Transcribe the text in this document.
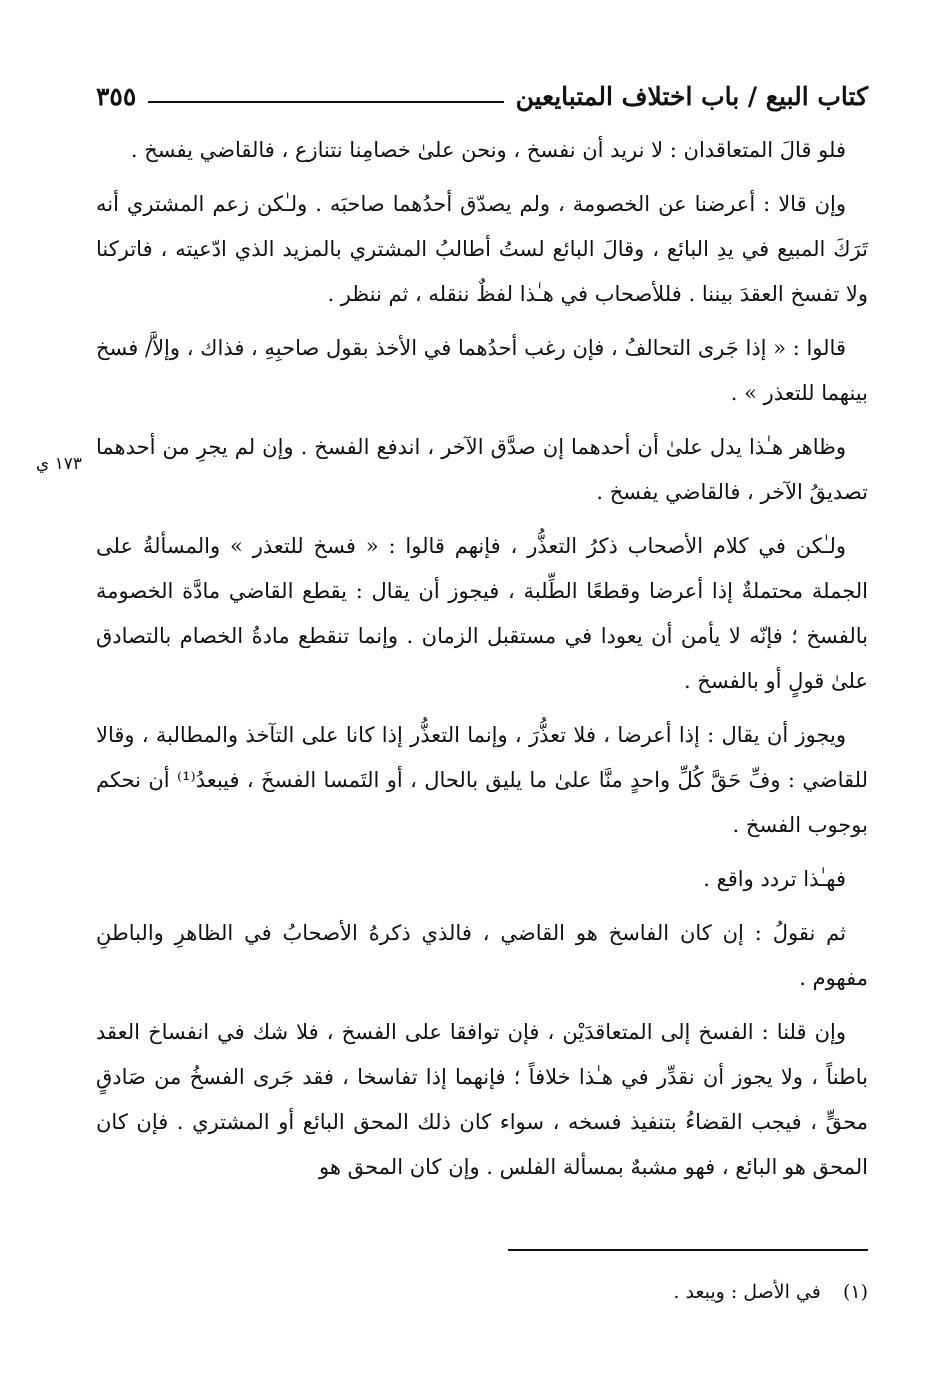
كتاب البيع / باب اختلاف المتبايعين
٣٥٥

فلو قالَ المتعاقدان : لا نريد أن نفسخ ، ونحن علىٰ خصامِنا نتنازع ، فالقاضي يفسخ .

وإن قالا : أعرضنا عن الخصومة ، ولم يصدّق أحدُهما صاحبَه . ولـٰكن زعم المشتري أنه تَرَكَ المبيع في يدِ البائع ، وقالَ البائع لستُ أطالبُ المشتري بالمزيد الذي ادّعيته ، فاتركنا ولا تفسخ العقدَ بيننا . فللأصحاب في هـٰذا لفظٌ ننقله ، ثم ننظر .

قالوا : « إذا جَرى التحالفُ ، فإن رغب أحدُهما في الأخذ بقول صاحبِهِ ، فذاك ، وإلاَّ/ فسخ بينهما للتعذر » .

وظاهر هـٰذا يدل علىٰ أن أحدهما إن صدَّق الآخر ، اندفع الفسخ . وإن لم يجرِ من أحدهما تصديقُ الآخر ، فالقاضي يفسخ .

ولـٰكن في كلام الأصحاب ذكرُ التعذُّر ، فإنهم قالوا : « فسخ للتعذر » والمسألةُ على الجملة محتملةٌ إذا أعرضا وقطعًا الطِّلبة ، فيجوز أن يقال : يقطع القاضي مادَّة الخصومة بالفسخ ؛ فإنّه لا يأمن أن يعودا في مستقبل الزمان . وإنما تنقطع مادةُ الخصام بالتصادق علىٰ قولٍ أو بالفسخ .

ويجوز أن يقال : إذا أعرضا ، فلا تعذُّرَ ، وإنما التعذُّر إذا كانا على التآخذ والمطالبة ، وقالا للقاضي : وفِّ حَقَّ كُلِّ واحدٍ منَّا علىٰ ما يليق بالحال ، أو التَمسا الفسخَ ، فيبعدُ⁽¹⁾ أن نحكم بوجوب الفسخ .

فهـٰذا تردد واقع .

ثم نقولُ : إن كان الفاسخ هو القاضي ، فالذي ذكرهُ الأصحابُ في الظاهرِ والباطنِ مفهوم .

وإن قلنا : الفسخ إلى المتعاقدَيْن ، فإن توافقا على الفسخ ، فلا شك في انفساخ العقد باطناً ، ولا يجوز أن نقدِّر في هـٰذا خلافاً ؛ فإنهما إذا تفاسخا ، فقد جَرى الفسخُ من صَادقٍ محقٍّ ، فيجب القضاءُ بتنفيذ فسخه ، سواء كان ذلك المحق البائع أو المشتري . فإن كان المحق هو البائع ، فهو مشبهٌ بمسألة الفلس . وإن كان المحق هو

١٧٣ ي
(١) في الأصل : ويبعد .
